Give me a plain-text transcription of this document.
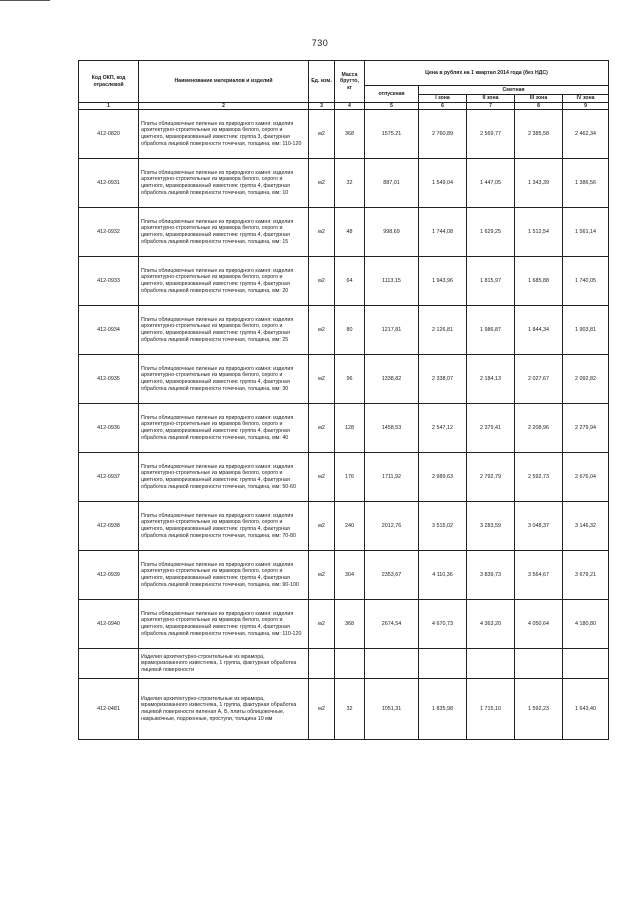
730
Код ОКП, код отраслевой	Наименование материалов и изделий	Ед. изм.	Масса брутто, кг	Цена в рублях на 1 квартал 2014 года (без НДС)				
				отпускная	Сметная			
					I зона	II зона	III зона	IV зона
1	2	3	4	5	6	7	8	9
412-0820	Плиты облицовочные пиленые из природного камня: изделия архитектурно-строительные из мрамора белого, серого и цветного, мраморизованный известняк: группа 3, фактурная обработка лицевой поверхности точечная, толщина, мм: 110-120	м2	368	1575.21	2 760,89	2 569,77	2 385,58	2 462,34
412-0931	Плиты облицовочные пиленые из природного камня: изделия архитектурно-строительные из мрамора белого, серого и цветного, мраморизованный известняк: группа 4, фактурная обработка лицевой поверхности точечная, толщина, мм: 10	м2	32	887,01	1 549,04	1 447,05	1 343,39	1 386,56
412-0932	Плиты облицовочные пиленые из природного камня: изделия архитектурно-строительные из мрамора белого, серого и цветного, мраморизованный известняк: группа 4, фактурная обработка лицевой поверхности точечная, толщина, мм: 15	м2	48	998,69	1 744,08	1 629,25	1 512,54	1 561,14
412-0933	Плиты облицовочные пиленые из природного камня: изделия архитектурно-строительные из мрамора белого, серого и цветного, мраморизованный известняк: группа 4, фактурная обработка лицевой поверхности точечная, толщина, мм: 20	м2	64	1113,15	1 943,96	1 815,97	1 685,88	1 740,05
412-0934	Плиты облицовочные пиленые из природного камня: изделия архитектурно-строительные из мрамора белого, серого и цветного, мраморизованный известняк: группа 4, фактурная обработка лицевой поверхности точечная, толщина, мм: 25	м2	80	1217,81	2 126,81	1 986,87	1 844,34	1 903,81
412-0935	Плиты облицовочные пиленые из природного камня: изделия архитектурно-строительные из мрамора белого, серого и цветного, мраморизованный известняк: группа 4, фактурная обработка лицевой поверхности точечная, толщина, мм: 30	м2	96	1338,82	2 338,07	2 184,13	2 027,67	2 092,82
412-0936	Плиты облицовочные пиленые из природного камня: изделия архитектурно-строительные из мрамора белого, серого и цветного, мраморизованный известняк: группа 4, фактурная обработка лицевой поверхности точечная, толщина, мм: 40	м2	128	1458,53	2 547,12	2 379,41	2 208,96	2 279,94
412-0937	Плиты облицовочные пиленые из природного камня: изделия архитектурно-строительные из мрамора белого, серого и цветного, мраморизованный известняк: группа 4, фактурная обработка лицевой поверхности точечная, толщина, мм: 50-60	м2	176	1711,92	2 989,63	2 792,79	2 592,73	2 676,04
412-0938	Плиты облицовочные пиленые из природного камня: изделия архитектурно-строительные из мрамора белого, серого и цветного, мраморизованный известняк: группа 4, фактурная обработка лицевой поверхности точечная, толщина, мм: 70-80	м2	240	2012,76	3 515,02	3 283,59	3 048,37	3 146,32
412-0939	Плиты облицовочные пиленые из природного камня: изделия архитектурно-строительные из мрамора белого, серого и цветного, мраморизованный известняк: группа 4, фактурная обработка лицевой поверхности точечная, толщина, мм: 90-100	м2	304	2353,67	4 110,36	3 839,73	3 564,67	3 679,21
412-0940	Плиты облицовочные пиленые из природного камня: изделия архитектурно-строительные из мрамора белого, серого и цветного, мраморизованный известняк: группа 4, фактурная обработка лицевой поверхности точечная, толщина, мм: 110-120	м2	368	2674,54	4 670,73	4 363,20	4 050,64	4 180,80
	Изделия архитектурно-строительные из мрамора, мраморизованного известняка, 1 группа, фактурная обработка лицевой поверхности							
412-0481	Изделия архитектурно-строительные из мрамора, мраморизованного известняка, 1 группа, фактурная обработка лицевой поверхности пиленая А, Б, плиты облицовочные, накрывочные, подоконные, проступи, толщина 10 мм	м2	32	1051,31	1 835,98	1 715,10	1 592,23	1 643,40
